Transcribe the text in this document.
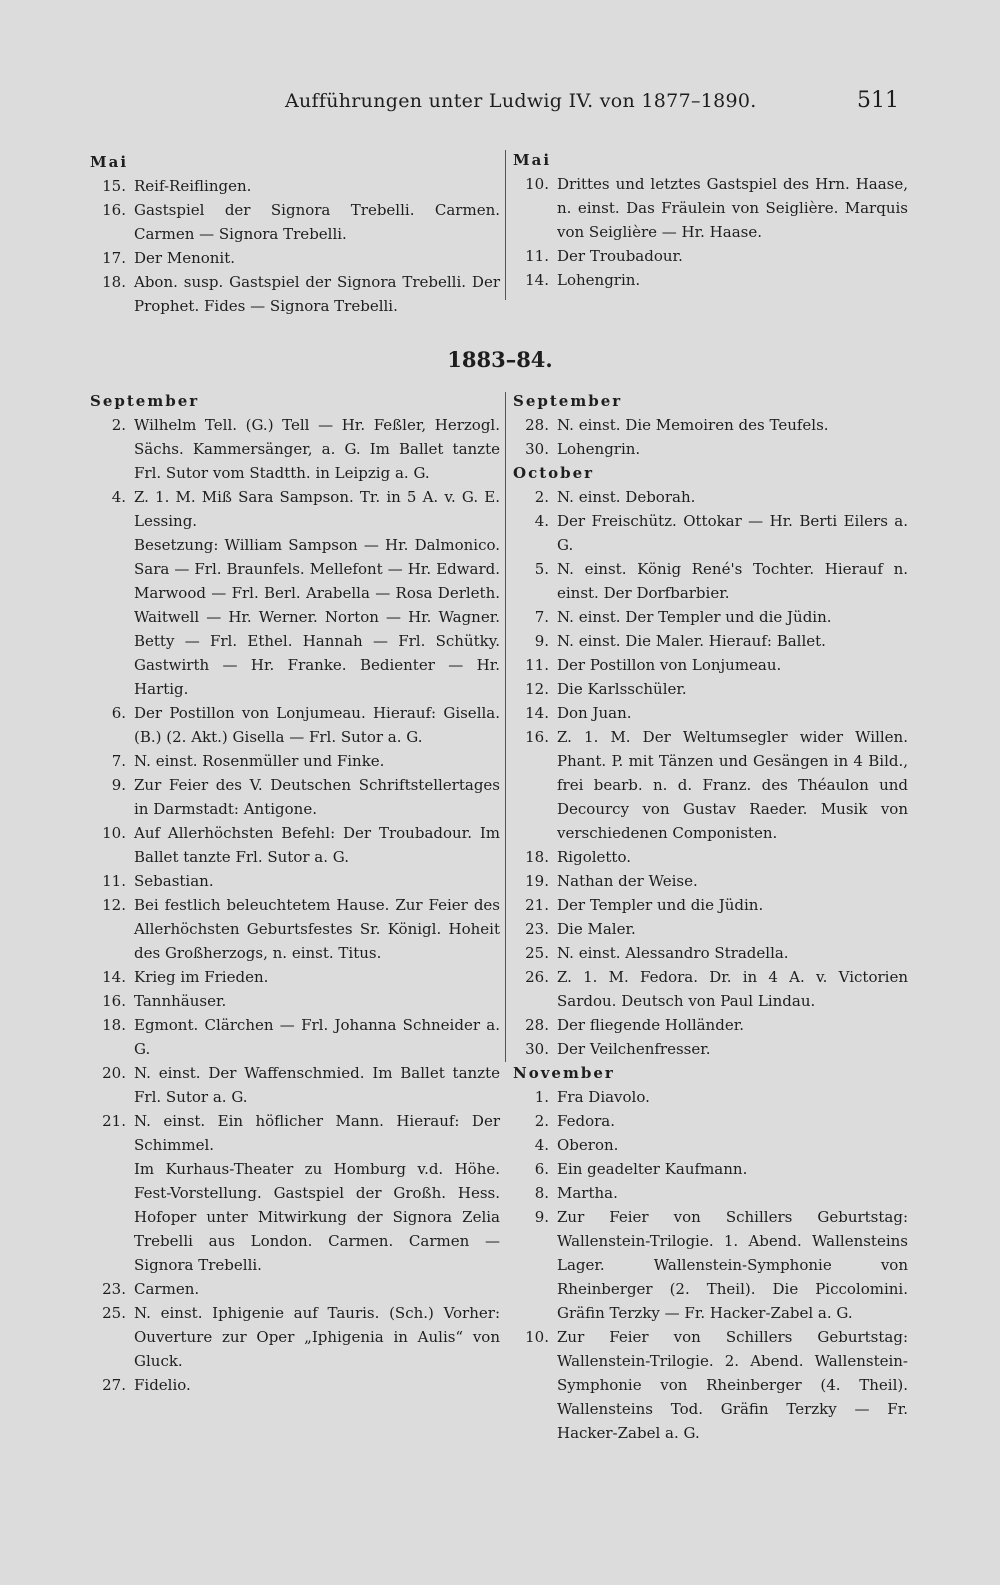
Aufführungen unter Ludwig IV. von 1877–1890.	511
Mai
15. Reif-Reiflingen.
16. Gastspiel der Signora Trebelli. Carmen. Carmen — Signora Trebelli.
17. Der Menonit.
18. Abon. susp. Gastspiel der Signora Trebelli. Der Prophet. Fides — Signora Trebelli.
Mai
10. Drittes und letztes Gastspiel des Hrn. Haase, n. einst. Das Fräulein von Seiglière. Marquis von Seiglière — Hr. Haase.
11. Der Troubadour.
14. Lohengrin.
1883–84.
September
2. Wilhelm Tell. (G.) Tell — Hr. Feßler, Herzogl. Sächs. Kammersänger, a. G. Im Ballet tanzte Frl. Sutor vom Stadtth. in Leipzig a. G.
4. Z. 1. M. Miß Sara Sampson. Tr. in 5 A. v. G. E. Lessing.
Besetzung: William Sampson — Hr. Dalmonico. Sara — Frl. Braunfels. Mellefont — Hr. Edward. Marwood — Frl. Berl. Arabella — Rosa Derleth. Waitwell — Hr. Werner. Norton — Hr. Wagner. Betty — Frl. Ethel. Hannah — Frl. Schütky. Gastwirth — Hr. Franke. Bedienter — Hr. Hartig.
6. Der Postillon von Lonjumeau. Hierauf: Gisella. (B.) (2. Akt.) Gisella — Frl. Sutor a. G.
7. N. einst. Rosenmüller und Finke.
9. Zur Feier des V. Deutschen Schriftstellertages in Darmstadt: Antigone.
10. Auf Allerhöchsten Befehl: Der Troubadour. Im Ballet tanzte Frl. Sutor a. G.
11. Sebastian.
12. Bei festlich beleuchtetem Hause. Zur Feier des Allerhöchsten Geburtsfestes Sr. Königl. Hoheit des Großherzogs, n. einst. Titus.
14. Krieg im Frieden.
16. Tannhäuser.
18. Egmont. Clärchen — Frl. Johanna Schneider a. G.
20. N. einst. Der Waffenschmied. Im Ballet tanzte Frl. Sutor a. G.
21. N. einst. Ein höflicher Mann. Hierauf: Der Schimmel.
Im Kurhaus-Theater zu Homburg v.d. Höhe. Fest-Vorstellung. Gastspiel der Großh. Hess. Hofoper unter Mitwirkung der Signora Zelia Trebelli aus London. Carmen. Carmen — Signora Trebelli.
23. Carmen.
25. N. einst. Iphigenie auf Tauris. (Sch.) Vorher: Ouverture zur Oper „Iphigenia in Aulis“ von Gluck.
27. Fidelio.
September
28. N. einst. Die Memoiren des Teufels.
30. Lohengrin.
October
2. N. einst. Deborah.
4. Der Freischütz. Ottokar — Hr. Berti Eilers a. G.
5. N. einst. König René's Tochter. Hierauf n. einst. Der Dorfbarbier.
7. N. einst. Der Templer und die Jüdin.
9. N. einst. Die Maler. Hierauf: Ballet.
11. Der Postillon von Lonjumeau.
12. Die Karlsschüler.
14. Don Juan.
16. Z. 1. M. Der Weltumsegler wider Willen. Phant. P. mit Tänzen und Gesängen in 4 Bild., frei bearb. n. d. Franz. des Théaulon und Decourcy von Gustav Raeder. Musik von verschiedenen Componisten.
18. Rigoletto.
19. Nathan der Weise.
21. Der Templer und die Jüdin.
23. Die Maler.
25. N. einst. Alessandro Stradella.
26. Z. 1. M. Fedora. Dr. in 4 A. v. Victorien Sardou. Deutsch von Paul Lindau.
28. Der fliegende Holländer.
30. Der Veilchenfresser.
November
1. Fra Diavolo.
2. Fedora.
4. Oberon.
6. Ein geadelter Kaufmann.
8. Martha.
9. Zur Feier von Schillers Geburtstag: Wallenstein-Trilogie. 1. Abend. Wallensteins Lager. Wallenstein-Symphonie von Rheinberger (2. Theil). Die Piccolomini. Gräfin Terzky — Fr. Hacker-Zabel a. G.
10. Zur Feier von Schillers Geburtstag: Wallenstein-Trilogie. 2. Abend. Wallenstein-Symphonie von Rheinberger (4. Theil). Wallensteins Tod. Gräfin Terzky — Fr. Hacker-Zabel a. G.
